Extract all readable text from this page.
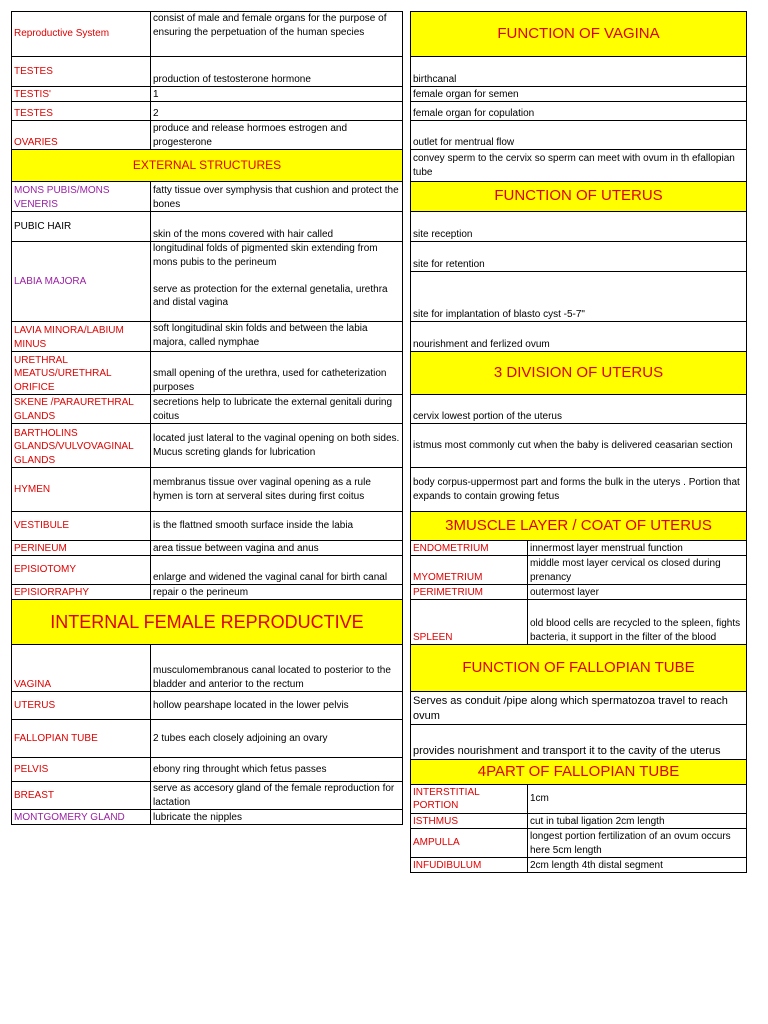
Reproductive System	consist of male and female organs for the purpose of ensuring the perpetuation of the human species	
TESTES	production of testosterone hormone	
TESTIS'	1	
TESTES	2	
OVARIES	produce and release hormoes estrogen and progesterone	
EXTERNAL STRUCTURES		
MONS PUBIS/MONS VENERIS	fatty tissue over symphysis that cushion and protect the bones	
PUBIC HAIR	skin of the mons covered with hair called	
LABIA MAJORA	longitudinal folds of pigmented skin extending from mons pubis to the perineum

serve as protection for the external genetalia, urethra and distal vagina	
LAVIA MINORA/LABIUM MINUS	soft longitudinal skin folds and between the labia majora, called nymphae	
URETHRAL MEATUS/URETHRAL ORIFICE	small opening of the urethra, used for catheterization purposes	
SKENE /PARAURETHRAL GLANDS	secretions help to lubricate the external genitali during coitus	
BARTHOLINS GLANDS/VULVOVAGINAL GLANDS	located just lateral to the vaginal opening on both sides. Mucus screting glands for lubrication	
HYMEN	membranus tissue over vaginal opening as a rule hymen is torn at serveral sites during first coitus	
VESTIBULE	is the flattned smooth surface inside the labia	
PERINEUM	area tissue between vagina and anus	
EPISIOTOMY	enlarge and widened the vaginal canal for birth canal	
EPISIORRAPHY	repair o the perineum	
INTERNAL FEMALE REPRODUCTIVE		
VAGINA	musculomembranous canal located to posterior to the bladder and anterior to the rectum	
UTERUS	hollow pearshape located in the lower pelvis	
FALLOPIAN TUBE	2 tubes each closely adjoining an ovary	
PELVIS	ebony ring throught which fetus passes	
BREAST	serve as accesory gland of the female reproduction for lactation	
MONTGOMERY GLAND	lubricate the nipples	
FUNCTION OF VAGINA	
birthcanal	
female organ for semen	
female organ for copulation	
outlet for mentrual flow	
convey sperm to the cervix so sperm can meet with ovum in th efallopian tube	
FUNCTION OF UTERUS	
site reception	
site for retention	
site for implantation of blasto cyst -5-7"	
nourishment and ferlized ovum	
3 DIVISION OF UTERUS	
cervix lowest portion of the uterus	
istmus most commonly cut when the baby is delivered ceasarian section	
body corpus-uppermost part and forms the bulk in the uterys . Portion that expands to contain growing fetus	
3MUSCLE LAYER / COAT OF UTERUS	
ENDOMETRIUM	innermost layer menstrual function
MYOMETRIUM	middle most layer cervical os closed during prenancy
PERIMETRIUM	outermost layer
SPLEEN	old blood cells are recycled to the spleen, fights bacteria, it support in the filter of the blood
FUNCTION OF FALLOPIAN TUBE	
Serves as conduit /pipe along which spermatozoa travel to reach ovum	
provides nourishment and transport it to the cavity of the uterus	
4PART OF FALLOPIAN TUBE	
INTERSTITIAL PORTION	1cm
ISTHMUS	cut in tubal ligation 2cm length
AMPULLA	longest portion fertilization of an ovum occurs here 5cm length
INFUDIBULUM	2cm length 4th distal segment
